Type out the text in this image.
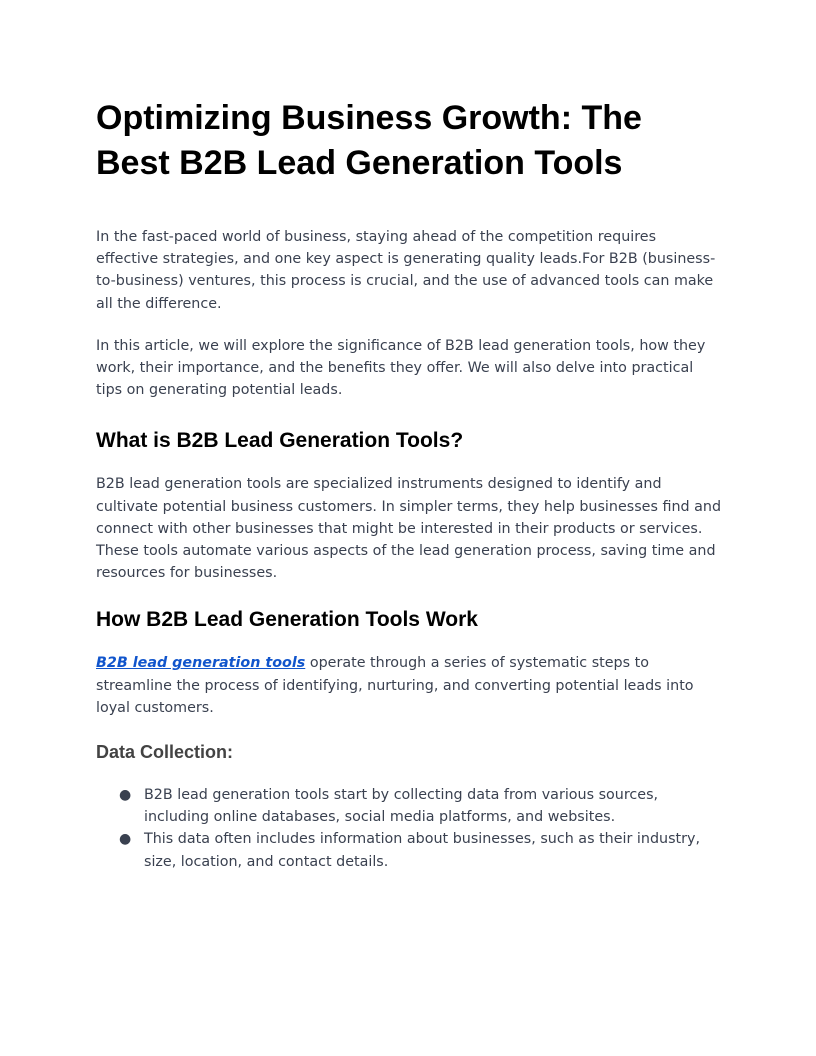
Optimizing Business Growth: The Best B2B Lead Generation Tools

In the fast-paced world of business, staying ahead of the competition requires effective strategies, and one key aspect is generating quality leads.For B2B (business-to-business) ventures, this process is crucial, and the use of advanced tools can make all the difference.

In this article, we will explore the significance of B2B lead generation tools, how they work, their importance, and the benefits they offer. We will also delve into practical tips on generating potential leads.

What is B2B Lead Generation Tools?

B2B lead generation tools are specialized instruments designed to identify and cultivate potential business customers. In simpler terms, they help businesses find and connect with other businesses that might be interested in their products or services. These tools automate various aspects of the lead generation process, saving time and resources for businesses.

How B2B Lead Generation Tools Work

B2B lead generation tools operate through a series of systematic steps to streamline the process of identifying, nurturing, and converting potential leads into loyal customers.

Data Collection:
● B2B lead generation tools start by collecting data from various sources, including online databases, social media platforms, and websites.
● This data often includes information about businesses, such as their industry, size, location, and contact details.
